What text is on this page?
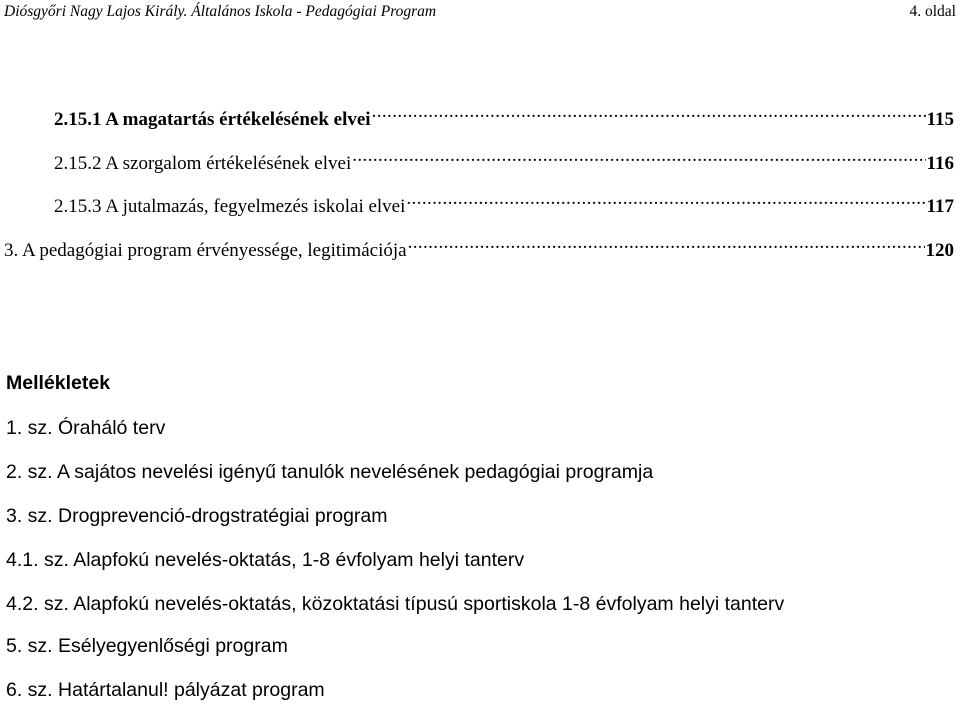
Diósgyőri Nagy Lajos Király. Általános Iskola - Pedagógiai Program	4. oldal
2.15.1 A magatartás értékelésének elvei .....	115
2.15.2 A szorgalom értékelésének elvei .....	116
2.15.3 A jutalmazás, fegyelmezés iskolai elvei .....	117
3. A pedagógiai program érvényessége, legitimációja .....	120
Mellékletek
1. sz. Óraháló terv
2. sz. A sajátos nevelési igényű tanulók nevelésének pedagógiai programja
3. sz. Drogprevenció-drogstratégiai program
4.1. sz. Alapfokú nevelés-oktatás, 1-8 évfolyam helyi tanterv
4.2. sz. Alapfokú nevelés-oktatás, közoktatási típusú sportiskola 1-8 évfolyam helyi tanterv
5. sz. Esélyegyenlőségi program
6. sz. Határtalanul! pályázat program
